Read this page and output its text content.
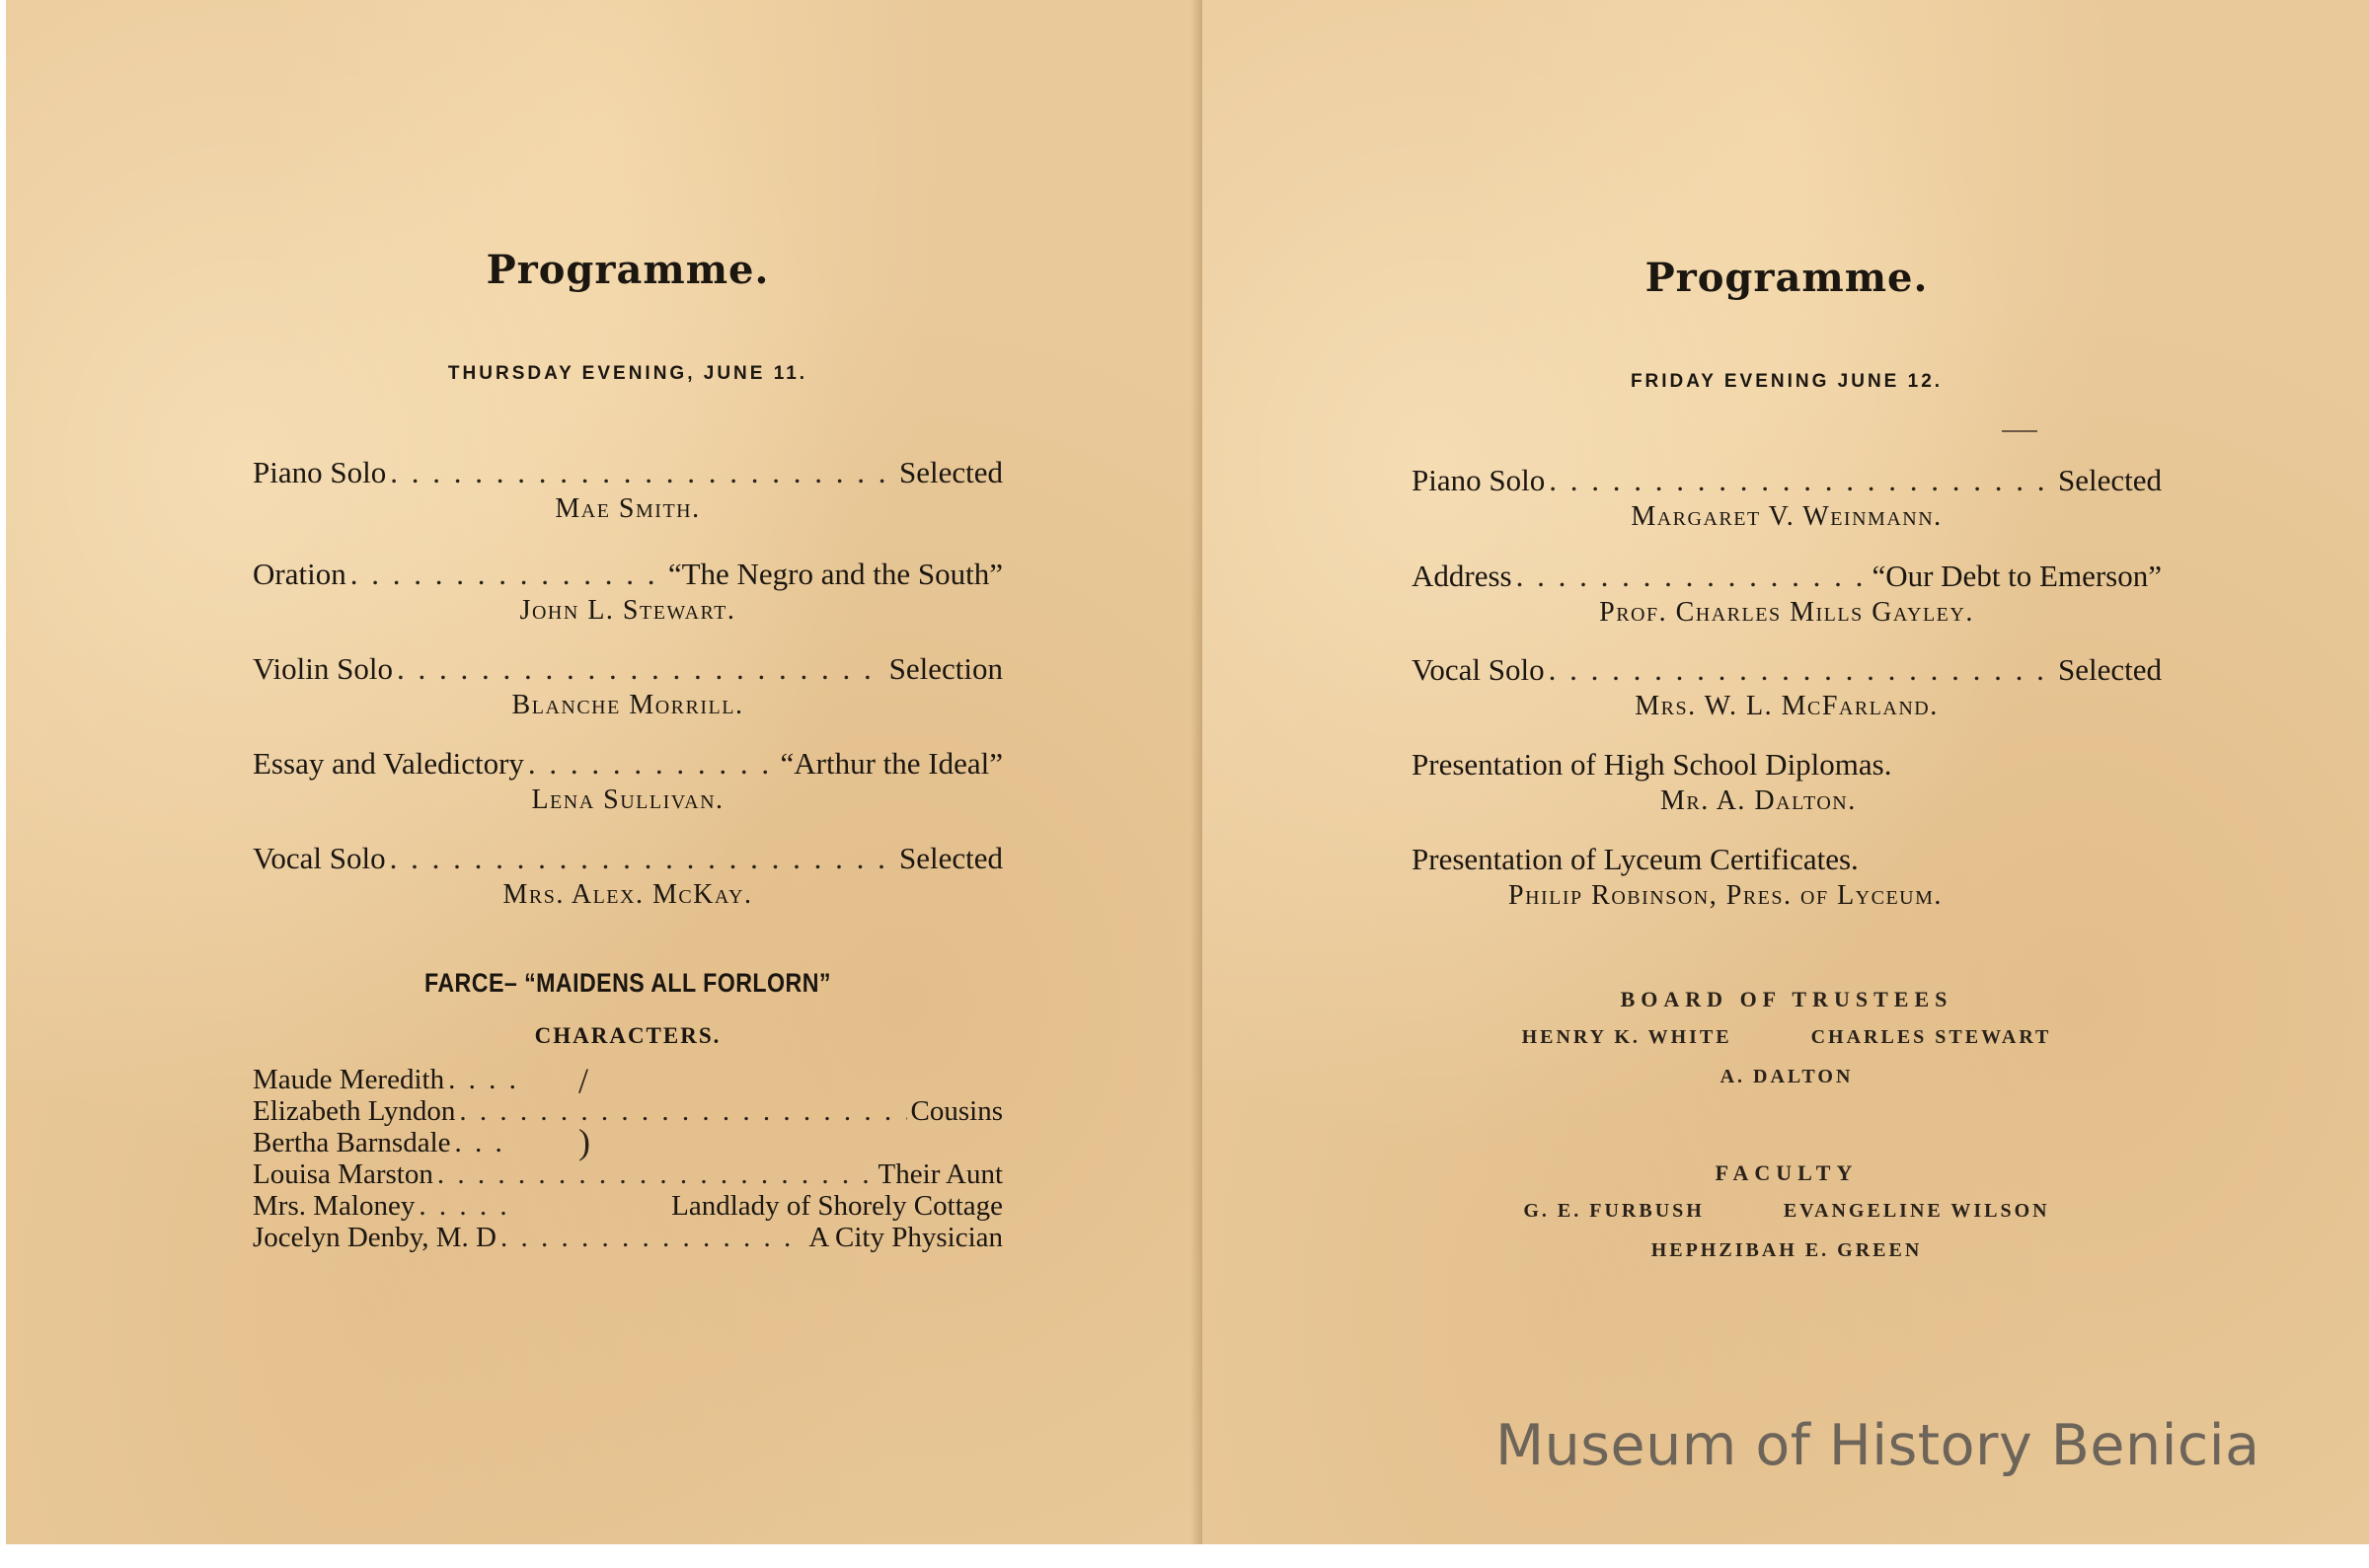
Programme.
THURSDAY EVENING, JUNE 11.
Piano Solo . . .	Selected
Mae Smith.
Oration . . .	“The Negro and the South”
John L. Stewart.
Violin Solo . . .	Selection
Blanche Morrill.
Essay and Valedictory . . .	“Arthur the Ideal”
Lena Sullivan.
Vocal Solo . . .	Selected
Mrs. Alex. McKay.
FARCE– “MAIDENS ALL FORLORN”
CHARACTERS.
Maude Meredith . . . .
Elizabeth Lyndon . . .	Cousins
Bertha Barnsdale . . .
Louisa Marston . . .	Their Aunt
Mrs. Maloney . . .	Landlady of Shorely Cottage
Jocelyn Denby, M. D . . .	A City Physician
/
)
Programme.
FRIDAY EVENING JUNE 12.
Piano Solo . . .	Selected
Margaret V. Weinmann.
Address . . .	“Our Debt to Emerson”
Prof. Charles Mills Gayley.
Vocal Solo . . .	Selected
Mrs. W. L. McFarland.
Presentation of High School Diplomas.
Mr. A. Dalton.
Presentation of Lyceum Certificates.
Philip Robinson, Pres. of Lyceum.
BOARD OF TRUSTEES
HENRY K. WHITE	CHARLES STEWART
A. DALTON
FACULTY
G. E. FURBUSH	EVANGELINE WILSON
HEPHZIBAH E. GREEN
Museum of History Benicia
